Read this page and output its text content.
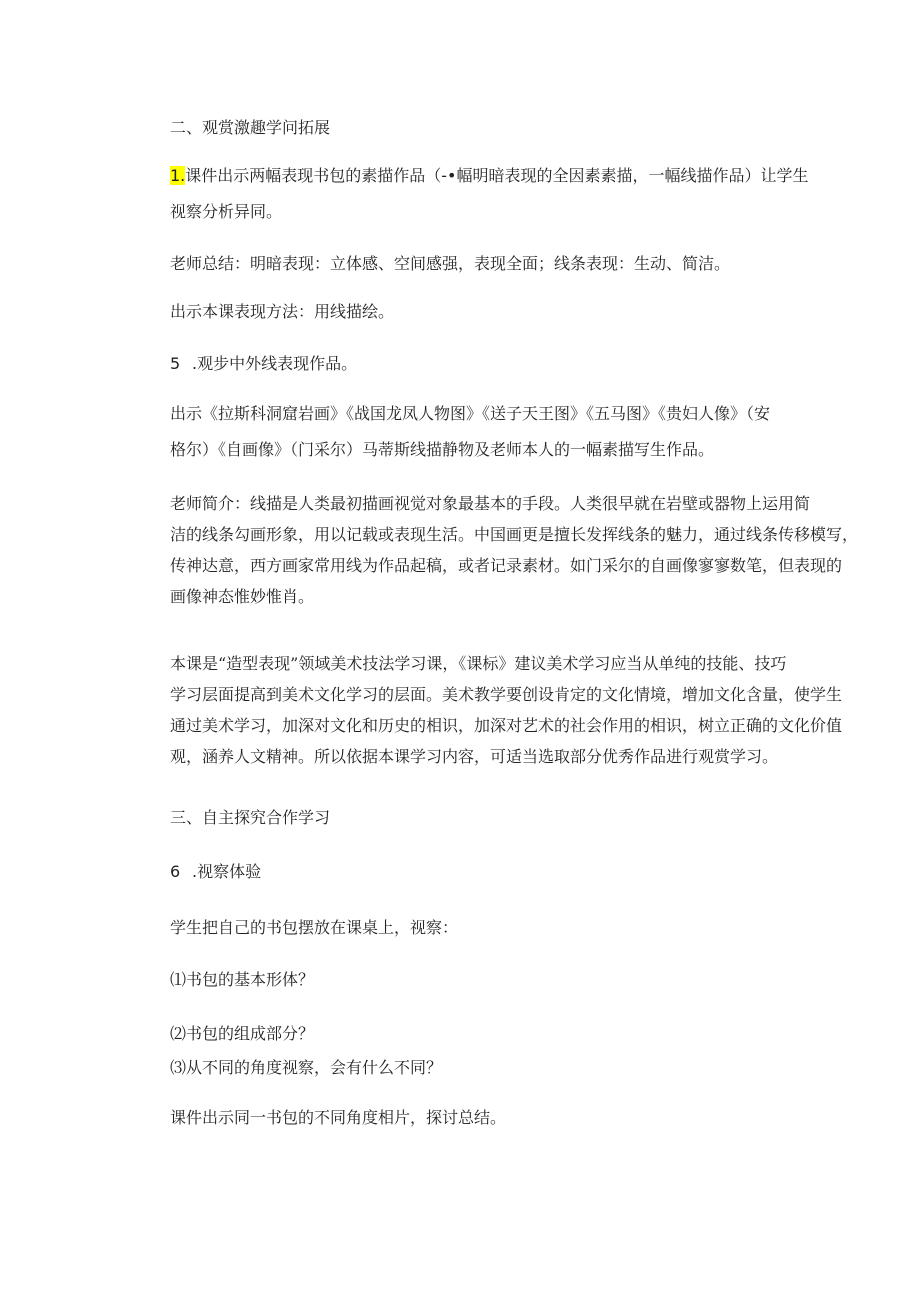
二、观赏激趣学问拓展
1.课件出示两幅表现书包的素描作品（-•幅明暗表现的全因素素描，一幅线描作品）让学生
视察分析异同。
老师总结：明暗表现：立体感、空间感强，表现全面；线条表现：生动、简洁。
出示本课表现方法：用线描绘。
5 .观步中外线表现作品。
出示《拉斯科洞窟岩画》《战国龙凤人物图》《送子天王图》《五马图》《贵妇人像》（安
格尔）《自画像》（门采尔）马蒂斯线描静物及老师本人的一幅素描写生作品。
老师简介：线描是人类最初描画视觉对象最基本的手段。人类很早就在岩壁或器物上运用简
洁的线条勾画形象，用以记载或表现生活。中国画更是擅长发挥线条的魅力，通过线条传移模写，
传神达意，西方画家常用线为作品起稿，或者记录素材。如门采尔的自画像寥寥数笔，但表现的
画像神态惟妙惟肖。
本课是“造型表现”领域美术技法学习课，《课标》建议美术学习应当从单纯的技能、技巧
学习层面提高到美术文化学习的层面。美术教学要创设肯定的文化情境，增加文化含量，使学生
通过美术学习，加深对文化和历史的相识，加深对艺术的社会作用的相识，树立正确的文化价值
观，涵养人文精神。所以依据本课学习内容，可适当选取部分优秀作品进行观赏学习。
三、自主探究合作学习
6 .视察体验
学生把自己的书包摆放在课桌上，视察：
⑴书包的基本形体？
⑵书包的组成部分？
⑶从不同的角度视察，会有什么不同？
课件出示同一书包的不同角度相片，探讨总结。
